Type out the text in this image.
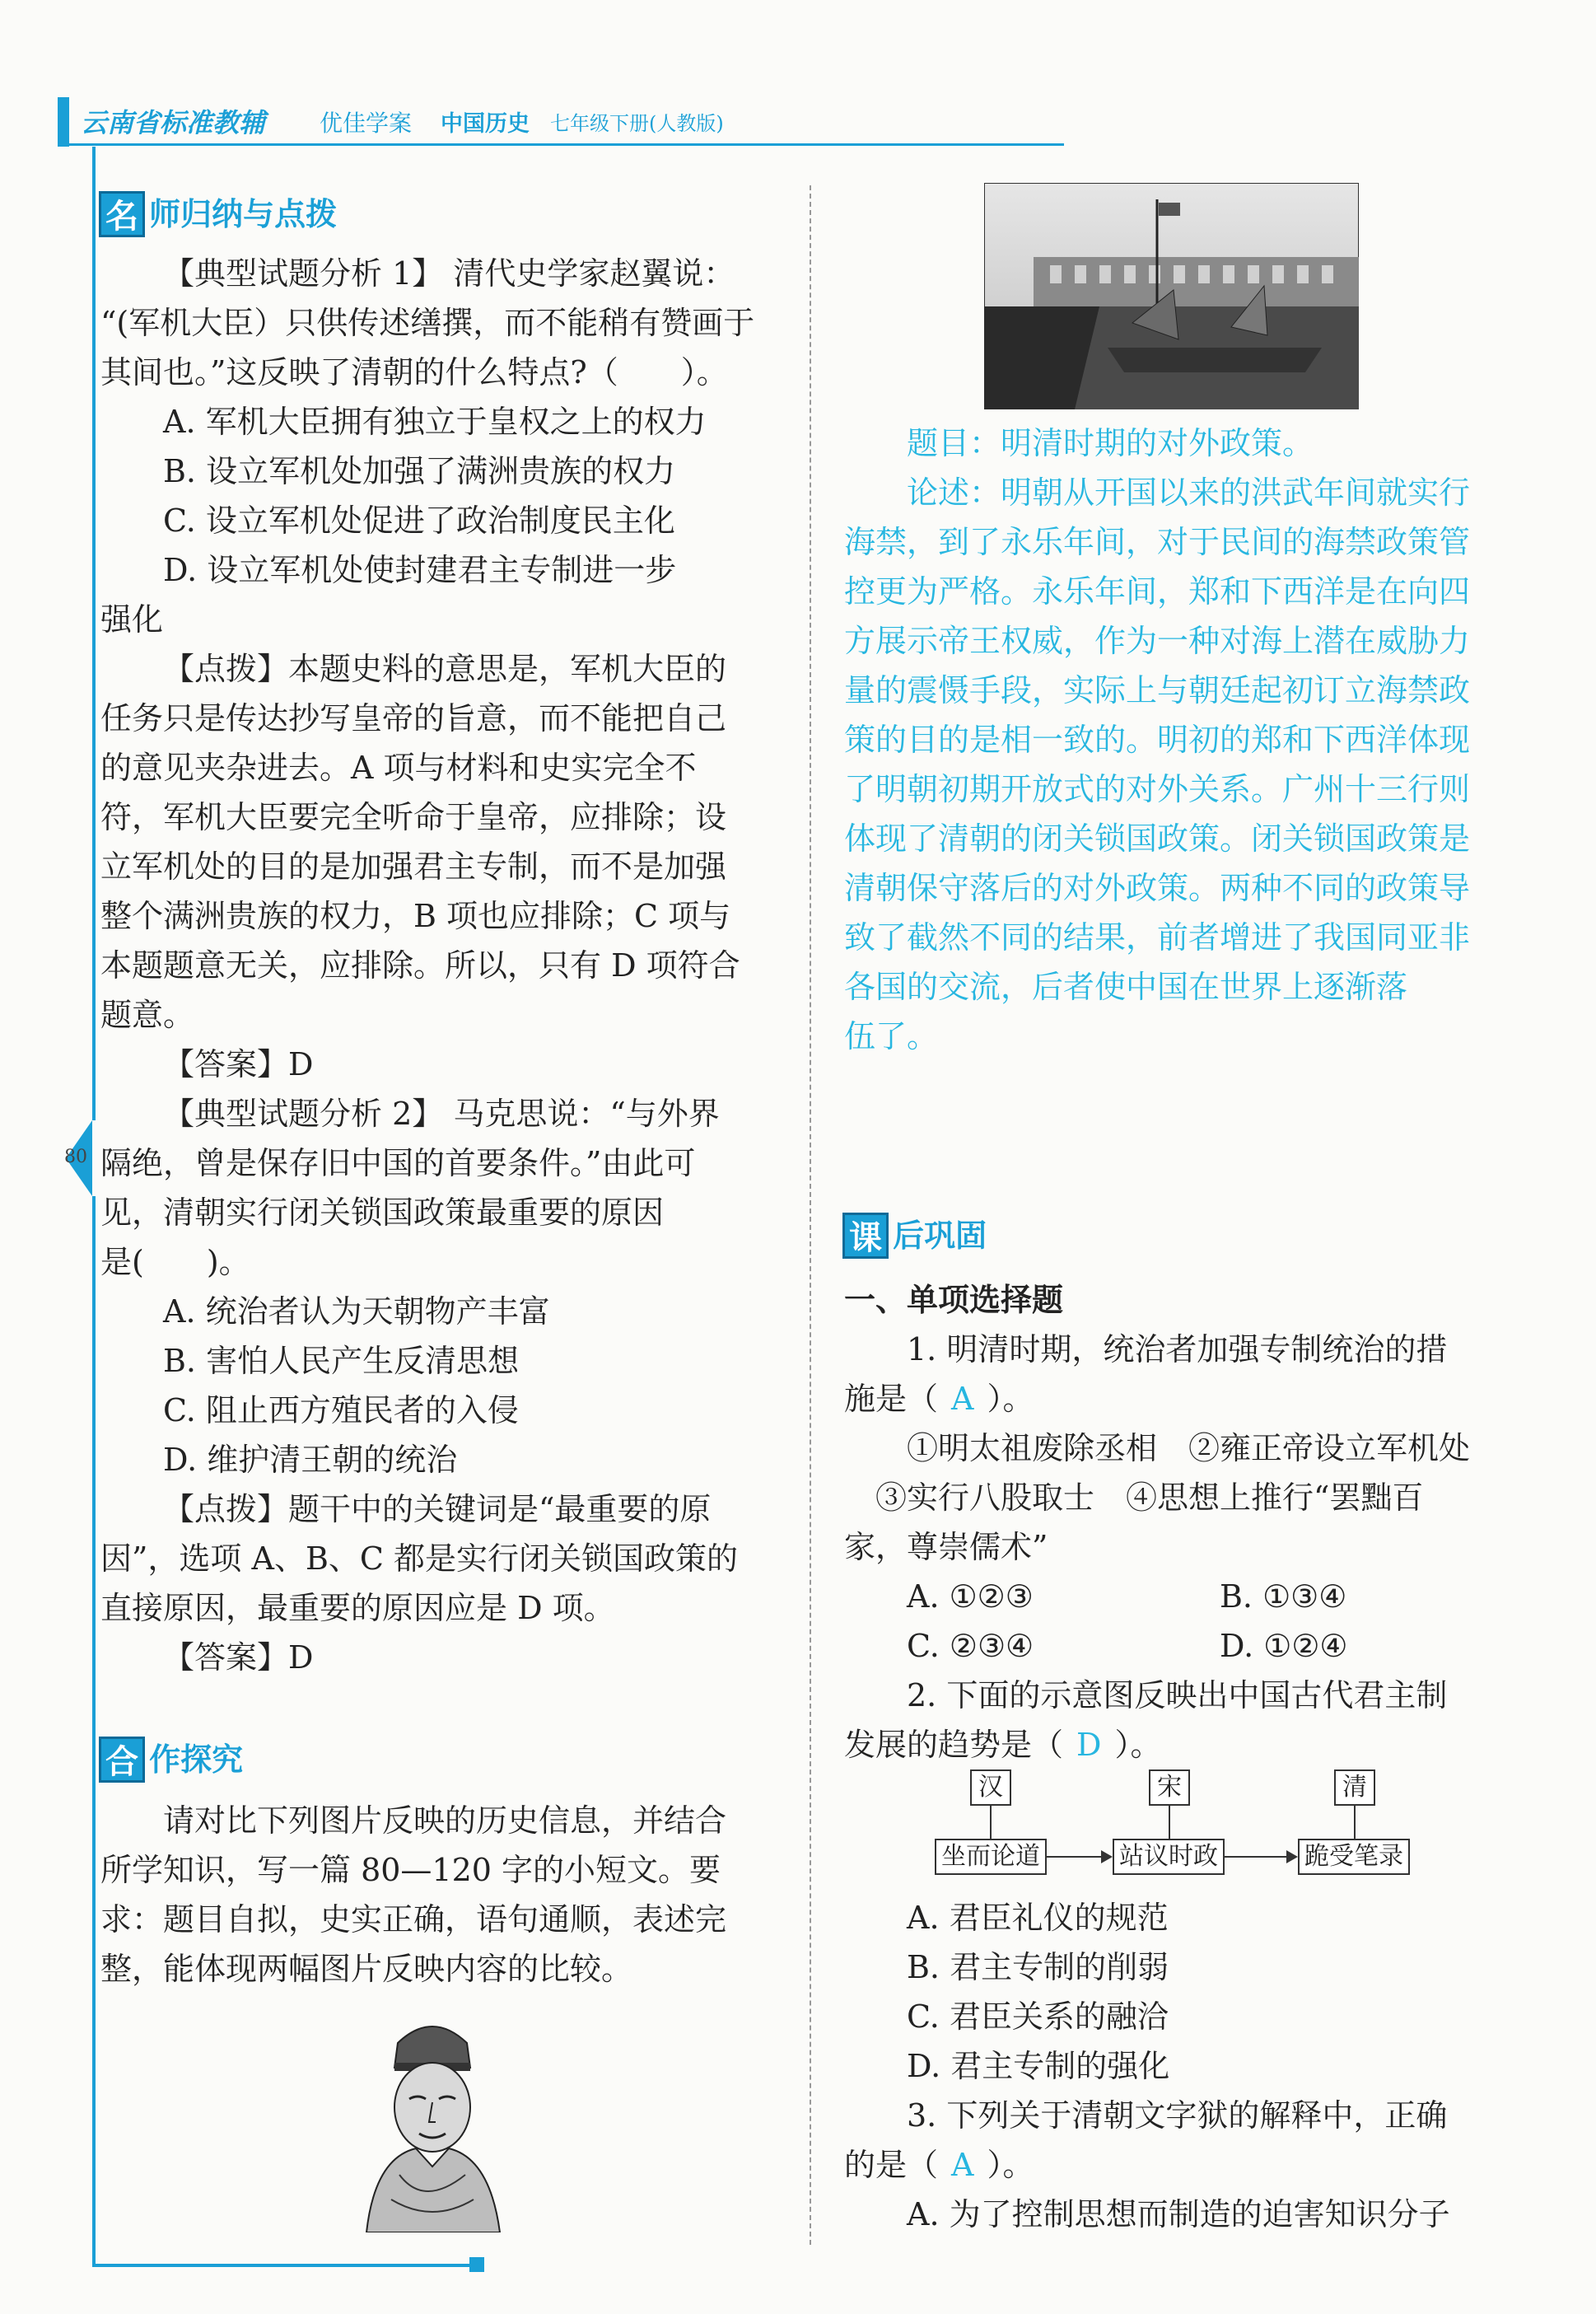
云南省标准教辅 优佳学案 中国历史 七年级下册(人教版)
80
名 师归纳与点拨
【典型试题分析 1】 清代史学家赵翼说：
“(军机大臣）只供传述缮撰，而不能稍有赞画于
其间也。”这反映了清朝的什么特点?（　　）。
A. 军机大臣拥有独立于皇权之上的权力
B. 设立军机处加强了满洲贵族的权力
C. 设立军机处促进了政治制度民主化
D. 设立军机处使封建君主专制进一步
强化
【点拨】本题史料的意思是，军机大臣的
任务只是传达抄写皇帝的旨意，而不能把自己
的意见夹杂进去。A 项与材料和史实完全不
符，军机大臣要完全听命于皇帝，应排除；设
立军机处的目的是加强君主专制，而不是加强
整个满洲贵族的权力，B 项也应排除；C 项与
本题题意无关，应排除。所以，只有 D 项符合
题意。
【答案】D
【典型试题分析 2】 马克思说：“与外界
隔绝，曾是保存旧中国的首要条件。”由此可
见，清朝实行闭关锁国政策最重要的原因
是(　　)。
A. 统治者认为天朝物产丰富
B. 害怕人民产生反清思想
C. 阻止西方殖民者的入侵
D. 维护清王朝的统治
【点拨】题干中的关键词是“最重要的原
因”，选项 A、B、C 都是实行闭关锁国政策的
直接原因，最重要的原因应是 D 项。
【答案】D
合 作探究
请对比下列图片反映的历史信息，并结合
所学知识，写一篇 80—120 字的小短文。要
求：题目自拟，史实正确，语句通顺，表述完
整，能体现两幅图片反映内容的比较。
题目：明清时期的对外政策。
论述：明朝从开国以来的洪武年间就实行
海禁，到了永乐年间，对于民间的海禁政策管
控更为严格。永乐年间，郑和下西洋是在向四
方展示帝王权威，作为一种对海上潜在威胁力
量的震慑手段，实际上与朝廷起初订立海禁政
策的目的是相一致的。明初的郑和下西洋体现
了明朝初期开放式的对外关系。广州十三行则
体现了清朝的闭关锁国政策。闭关锁国政策是
清朝保守落后的对外政策。两种不同的政策导
致了截然不同的结果，前者增进了我国同亚非
各国的交流，后者使中国在世界上逐渐落
伍了。
课 后巩固
一、单项选择题
1. 明清时期，统治者加强专制统治的措
施是（ A ）。
①明太祖废除丞相　②雍正帝设立军机处
③实行八股取士　④思想上推行“罢黜百
家，尊崇儒术”
A. ①②③	B. ①③④
C. ②③④	D. ①②④
2. 下面的示意图反映出中国古代君主制
发展的趋势是（ D ）。
汉	宋	清
坐而论道	站议时政	跪受笔录
A. 君臣礼仪的规范
B. 君主专制的削弱
C. 君臣关系的融洽
D. 君主专制的强化
3. 下列关于清朝文字狱的解释中，正确
的是（ A ）。
A. 为了控制思想而制造的迫害知识分子
